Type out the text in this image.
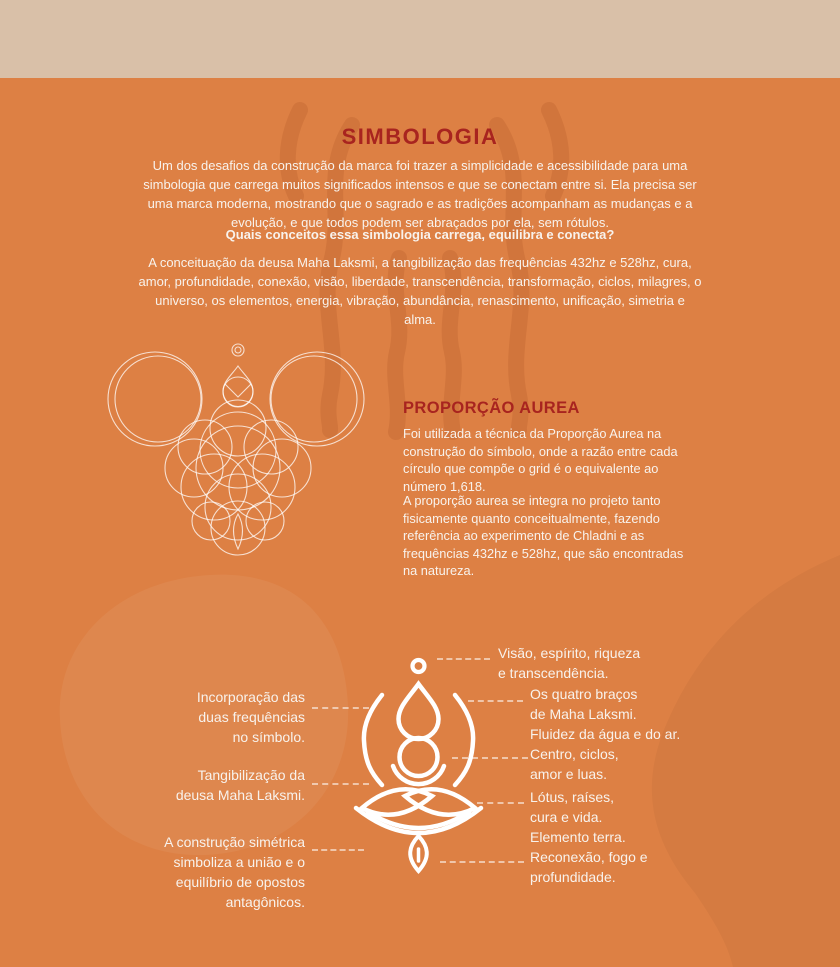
SIMBOLOGIA

Um dos desafios da construção da marca foi trazer a simplicidade e acessibilidade para uma simbologia que carrega muitos significados intensos e que se conectam entre si. Ela precisa ser uma marca moderna, mostrando que o sagrado e as tradições acompanham as mudanças e a evolução, e que todos podem ser abraçados por ela, sem rótulos.

Quais conceitos essa simbologia carrega, equilibra e conecta?

A conceituação da deusa Maha Laksmi, a tangibilização das frequências 432hz e 528hz, cura, amor, profundidade, conexão, visão, liberdade, transcendência, transformação, ciclos, milagres, o universo, os elementos, energia, vibração, abundância, renascimento, unificação, simetria e alma.

PROPORÇÃO AUREA

Foi utilizada a técnica da Proporção Aurea na construção do símbolo, onde a razão entre cada círculo que compõe o grid é o equivalente ao número 1,618.

A proporção aurea se integra no projeto tanto fisicamente quanto conceitualmente, fazendo referência ao experimento de Chladni e as frequências 432hz e 528hz, que são encontradas na natureza.

Incorporação das
duas frequências
no símbolo.
Tangibilização da
deusa Maha Laksmi.
A construção simétrica
simboliza a união e o
equilíbrio de opostos
antagônicos.
Visão, espírito, riqueza
e transcendência.
Os quatro braços
de Maha Laksmi.
Fluidez da água e do ar.
Centro, ciclos,
amor e luas.
Lótus, raíses,
cura e vida.
Elemento terra.
Reconexão, fogo e
profundidade.
